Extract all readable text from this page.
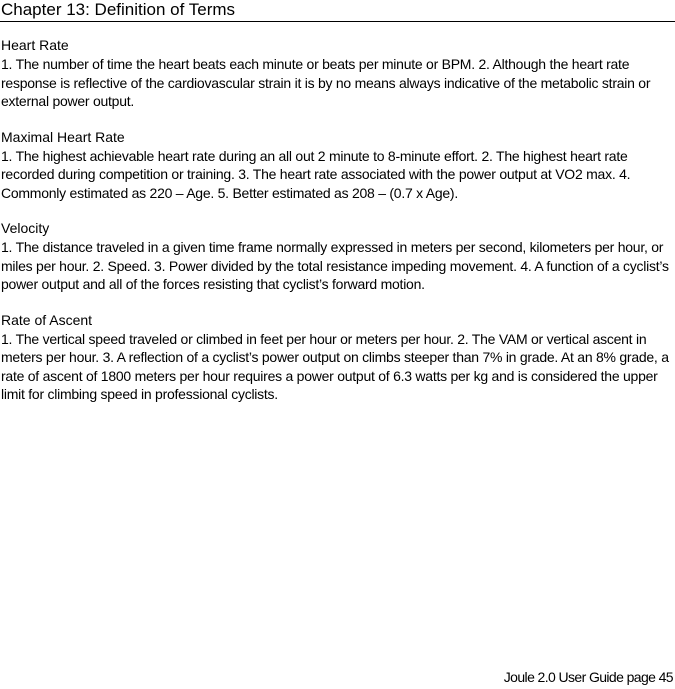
Chapter 13: Definition of Terms
Heart Rate
1. The number of time the heart beats each minute or beats per minute or BPM. 2. Although the heart rate response is reflective of the cardiovascular strain it is by no means always indicative of the metabolic strain or external power output.
Maximal Heart Rate
1. The highest achievable heart rate during an all out 2 minute to 8-minute effort. 2. The highest heart rate recorded during competition or training. 3. The heart rate associated with the power output at VO2 max. 4. Commonly estimated as 220 – Age. 5. Better estimated as 208 – (0.7 x Age).
Velocity
1. The distance traveled in a given time frame normally expressed in meters per second, kilometers per hour, or miles per hour. 2. Speed. 3. Power divided by the total resistance impeding movement. 4. A function of a cyclist’s power output and all of the forces resisting that cyclist’s forward motion.
Rate of Ascent
1. The vertical speed traveled or climbed in feet per hour or meters per hour. 2. The VAM or vertical ascent in meters per hour. 3. A reflection of a cyclist’s power output on climbs steeper than 7% in grade. At an 8% grade, a rate of ascent of 1800 meters per hour requires a power output of 6.3 watts per kg and is considered the upper limit for climbing speed in professional cyclists.
Joule 2.0 User Guide page 45
